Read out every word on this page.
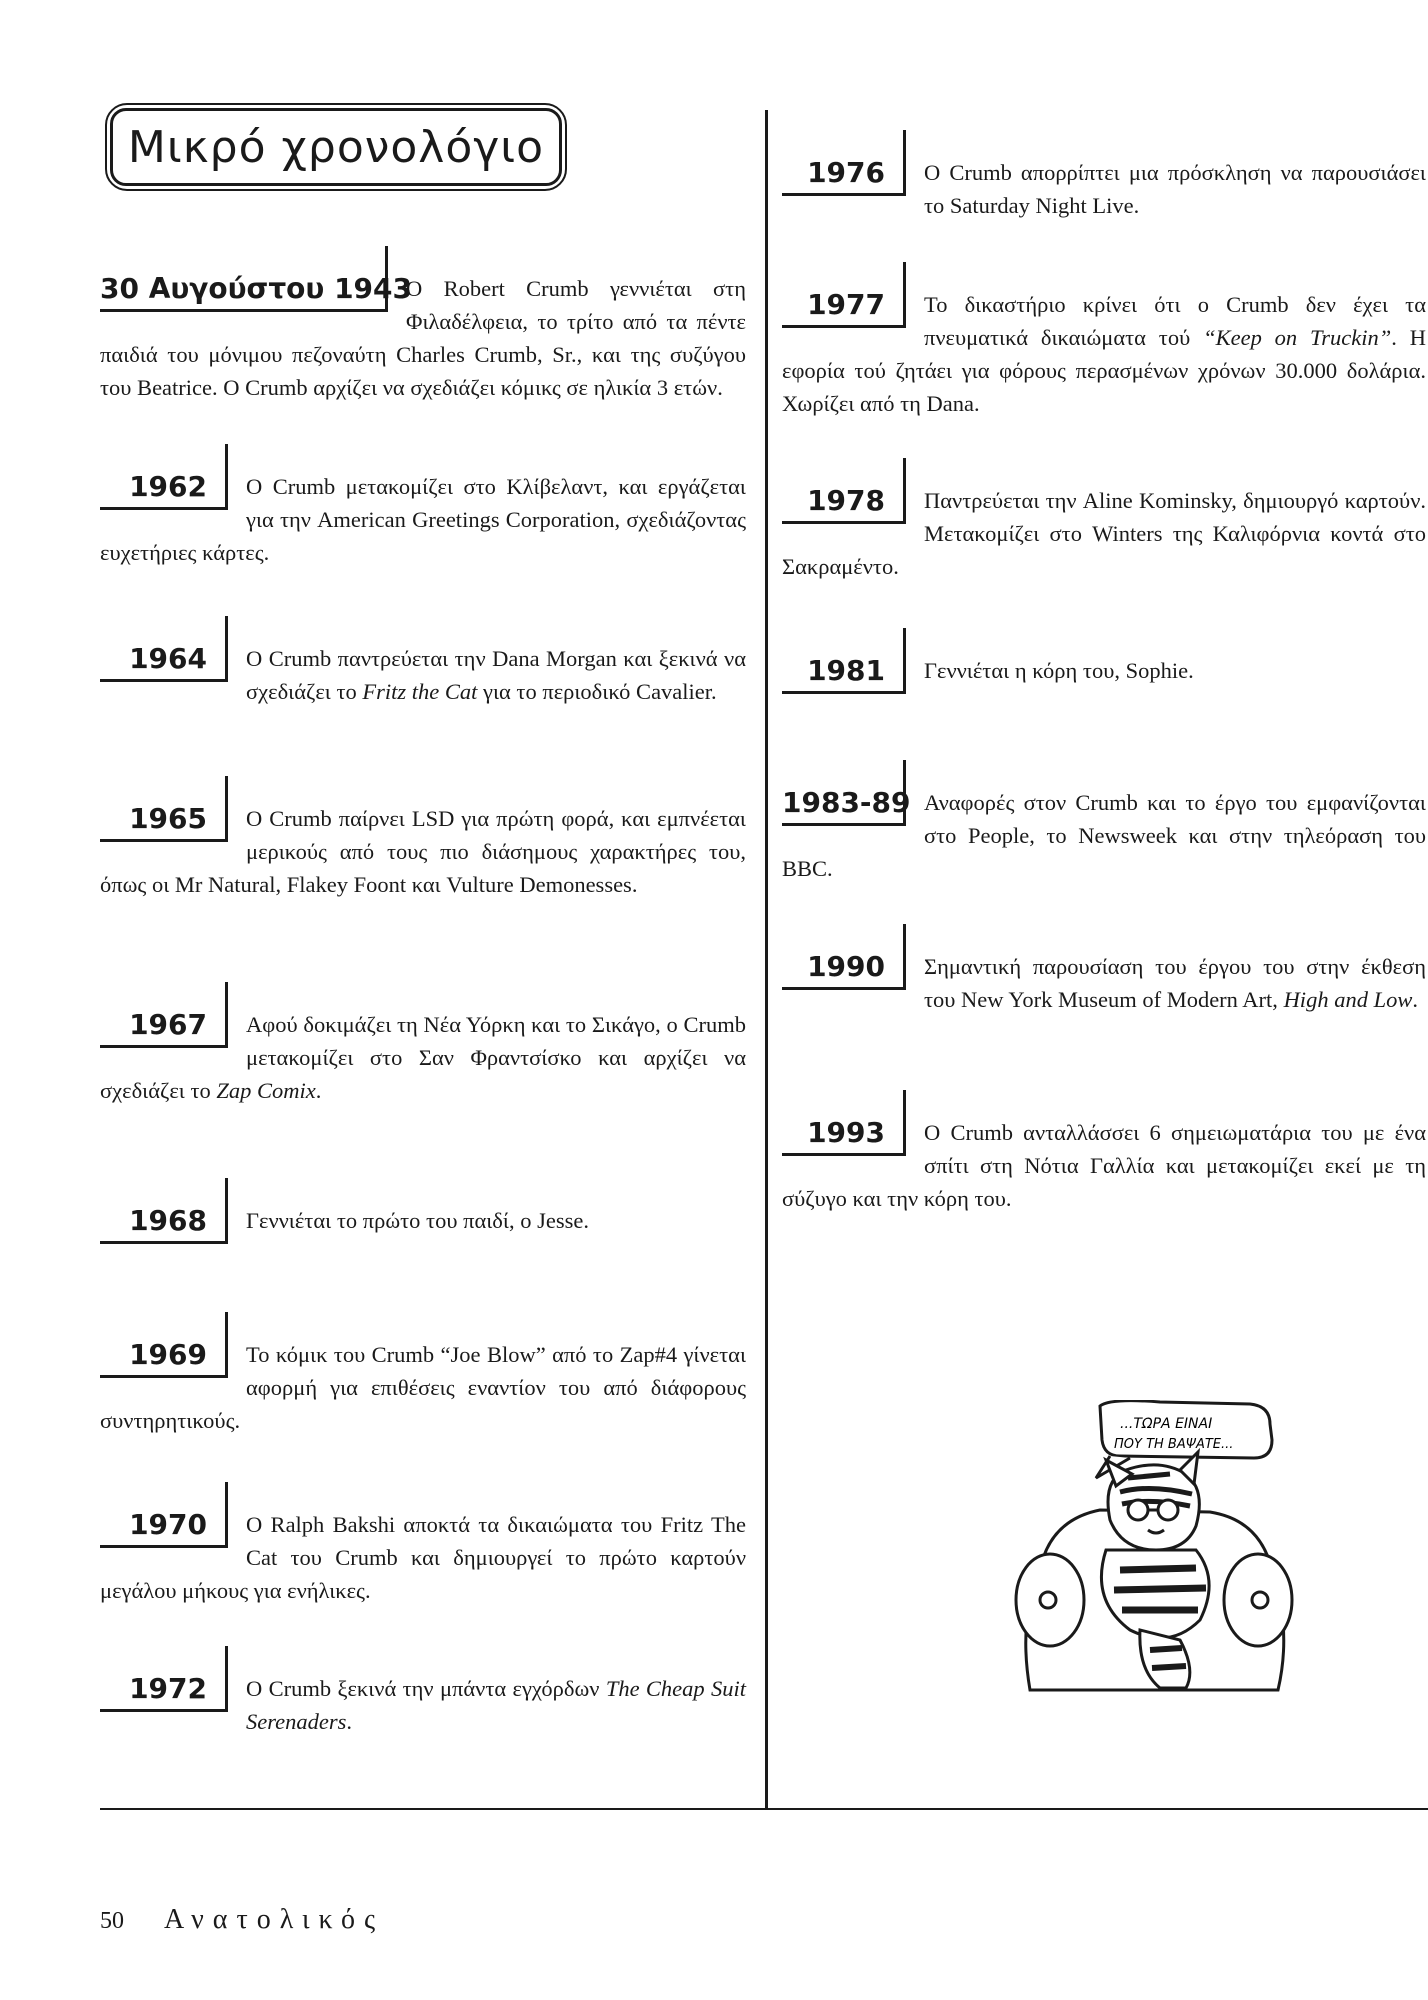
Μικρό χρονολόγιο
30 Αυγούστου 1943

Ο Robert Crumb γεννιέται στη Φιλαδέλφεια, το τρίτο από τα πέντε παιδιά του μόνιμου πεζοναύτη Charles Crumb, Sr., και της συζύγου του Beatrice. Ο Crumb αρχίζει να σχεδιάζει κόμικς σε ηλικία 3 ετών.

1962	Ο Crumb μετακομίζει στο Κλίβελαντ, και εργάζεται για την American Greetings Corporation, σχεδιάζοντας ευχετήριες κάρτες.

1964	Ο Crumb παντρεύεται την Dana Morgan και ξεκινά να σχεδιάζει το Fritz the Cat για το περιοδικό Cavalier.

1965	Ο Crumb παίρνει LSD για πρώτη φορά, και εμπνέεται μερικούς από τους πιο διάσημους χαρακτήρες του, όπως οι Mr Natural, Flakey Foont και Vulture Demonesses.

1967	Αφού δοκιμάζει τη Νέα Υόρκη και το Σικάγο, ο Crumb μετακομίζει στο Σαν Φραντσίσκο και αρχίζει να σχεδιάζει το Zap Comix.

1968	Γεννιέται το πρώτο του παιδί, ο Jesse.

1969	Το κόμικ του Crumb “Joe Blow” από το Zap#4 γίνεται αφορμή για επιθέσεις εναντίον του από διάφορους συντηρητικούς.

1970	Ο Ralph Bakshi αποκτά τα δικαιώματα του Fritz The Cat του Crumb και δημιουργεί το πρώτο καρτούν μεγάλου μήκους για ενήλικες.

1972	Ο Crumb ξεκινά την μπάντα εγχόρδων The Cheap Suit Serenaders.

1976	Ο Crumb απορρίπτει μια πρόσκληση να παρουσιάσει το Saturday Night Live.

1977	Το δικαστήριο κρίνει ότι ο Crumb δεν έχει τα πνευματικά δικαιώματα τού “Keep on Truckin”. Η εφορία τού ζητάει για φόρους περασμένων χρόνων 30.000 δολάρια. Χωρίζει από τη Dana.

1978	Παντρεύεται την Aline Kominsky, δημιουργό καρτούν. Μετακομίζει στο Winters της Καλιφόρνια κοντά στο Σακραμέντο.

1981	Γεννιέται η κόρη του, Sophie.

1983-89 Αναφορές στον Crumb και το έργο του εμφανίζονται στο People, το Newsweek και στην τηλεόραση του BBC.

1990	Σημαντική παρουσίαση του έργου του στην έκθεση του New York Museum of Modern Art, High and Low.

1993	Ο Crumb ανταλλάσσει 6 σημειωματάρια του με ένα σπίτι στη Νότια Γαλλία και μετακομίζει εκεί με τη σύζυγο και την κόρη του.

...ΤΩΡΑ ΕΙΝΑΙ
ΠΟΥ ΤΗ ΒΑΨΑΤΕ...
50 Ανατολικός
